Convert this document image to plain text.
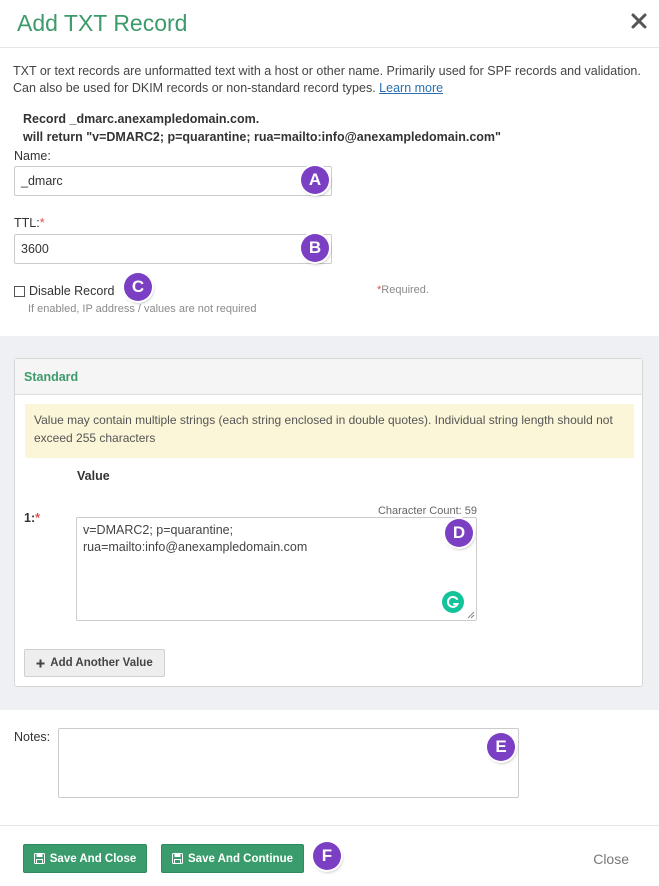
Add TXT Record
TXT or text records are unformatted text with a host or other name. Primarily used for SPF records and validation. Can also be used for DKIM records or non-standard record types. Learn more
Record _dmarc.anexampledomain.com.
will return "v=DMARC2; p=quarantine; rua=mailto:info@anexampledomain.com"
Name:
_dmarc	A
TTL:*
3600	B
Disable Record	C
If enabled, IP address / values are not required
*Required.
Standard
Value may contain multiple strings (each string enclosed in double quotes). Individual string length should not exceed 255 characters
Value
1:*	Character Count: 59
v=DMARC2; p=quarantine;
rua=mailto:info@anexampledomain.com
D
Add Another Value
Notes:	E
Save And Close	Save And Continue	F	Close
